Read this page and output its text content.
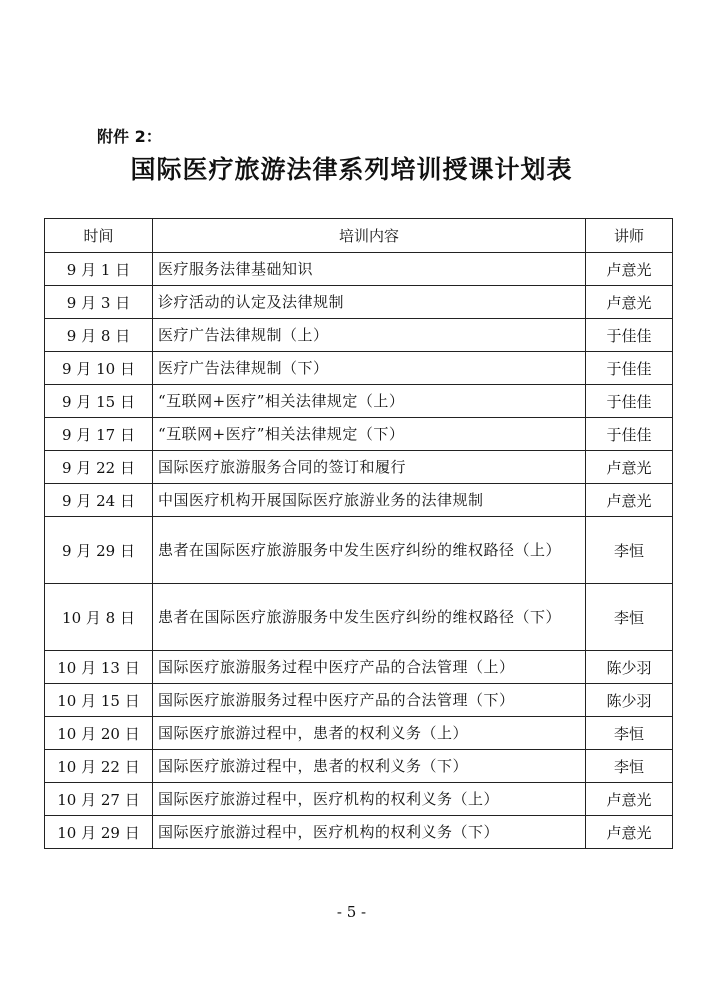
附件 2：
国际医疗旅游法律系列培训授课计划表
时间	培训内容	讲师
9 月 1 日	医疗服务法律基础知识	卢意光
9 月 3 日	诊疗活动的认定及法律规制	卢意光
9 月 8 日	医疗广告法律规制（上）	于佳佳
9 月 10 日	医疗广告法律规制（下）	于佳佳
9 月 15 日	“互联网+医疗”相关法律规定（上）	于佳佳
9 月 17 日	“互联网+医疗”相关法律规定（下）	于佳佳
9 月 22 日	国际医疗旅游服务合同的签订和履行	卢意光
9 月 24 日	中国医疗机构开展国际医疗旅游业务的法律规制	卢意光
9 月 29 日	患者在国际医疗旅游服务中发生医疗纠纷的维权路径（上）	李恒
10 月 8 日	患者在国际医疗旅游服务中发生医疗纠纷的维权路径（下）	李恒
10 月 13 日	国际医疗旅游服务过程中医疗产品的合法管理（上）	陈少羽
10 月 15 日	国际医疗旅游服务过程中医疗产品的合法管理（下）	陈少羽
10 月 20 日	国际医疗旅游过程中，患者的权利义务（上）	李恒
10 月 22 日	国际医疗旅游过程中，患者的权利义务（下）	李恒
10 月 27 日	国际医疗旅游过程中，医疗机构的权利义务（上）	卢意光
10 月 29 日	国际医疗旅游过程中，医疗机构的权利义务（下）	卢意光
- 5 -
